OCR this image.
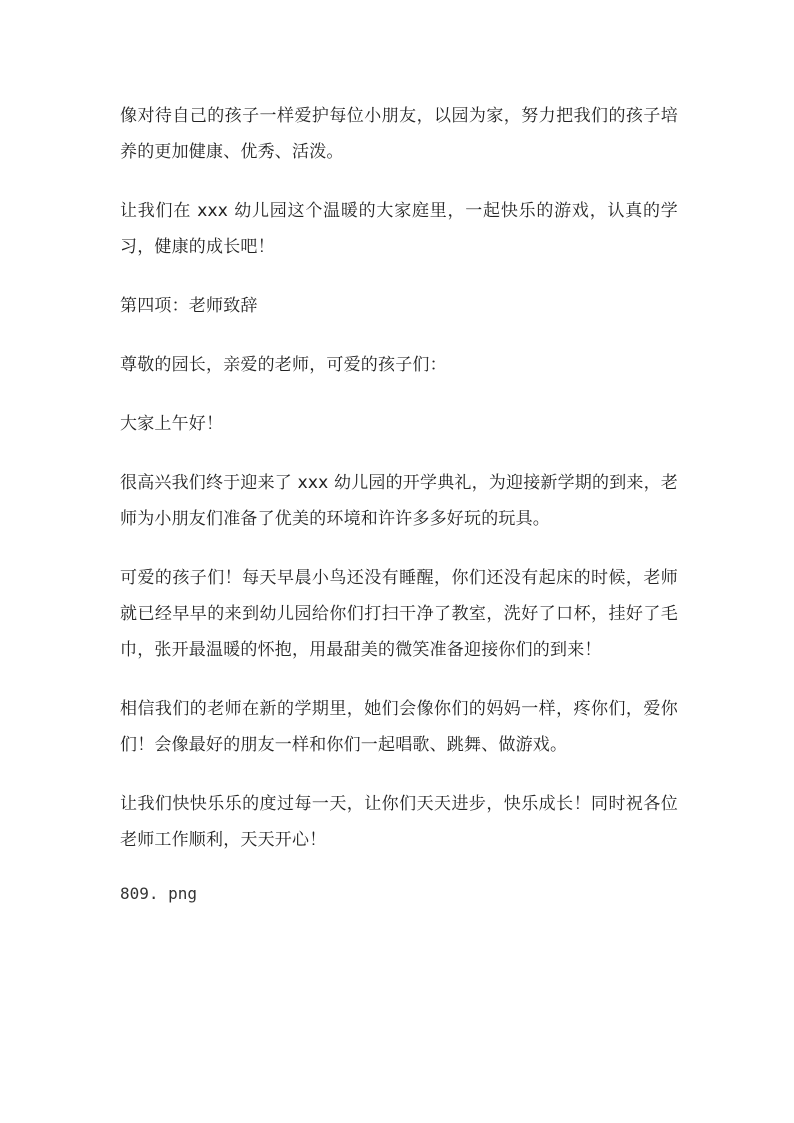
像对待自己的孩子一样爱护每位小朋友，以园为家，努力把我们的孩子培养的更加健康、优秀、活泼。

让我们在 xxx 幼儿园这个温暖的大家庭里，一起快乐的游戏，认真的学习，健康的成长吧！

第四项：老师致辞

尊敬的园长，亲爱的老师，可爱的孩子们：

大家上午好！

很高兴我们终于迎来了 xxx 幼儿园的开学典礼，为迎接新学期的到来，老师为小朋友们准备了优美的环境和许许多多好玩的玩具。

可爱的孩子们！每天早晨小鸟还没有睡醒，你们还没有起床的时候，老师就已经早早的来到幼儿园给你们打扫干净了教室，洗好了口杯，挂好了毛巾，张开最温暖的怀抱，用最甜美的微笑准备迎接你们的到来！

相信我们的老师在新的学期里，她们会像你们的妈妈一样，疼你们，爱你们！会像最好的朋友一样和你们一起唱歌、跳舞、做游戏。

让我们快快乐乐的度过每一天，让你们天天进步，快乐成长！同时祝各位老师工作顺利，天天开心！

809. png
